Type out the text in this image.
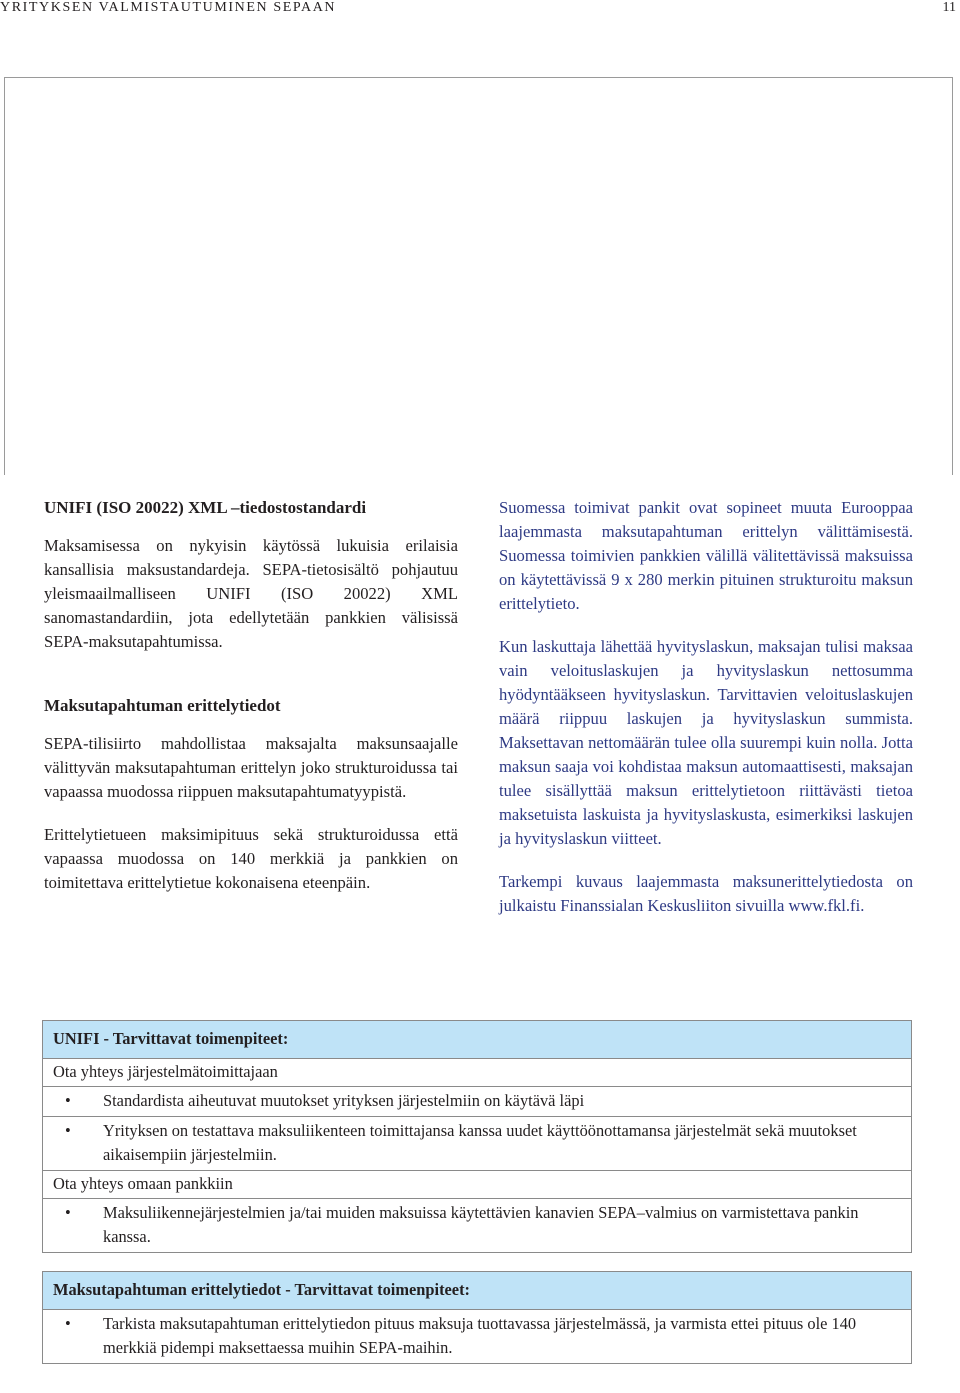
YRITYKSEN VALMISTAUTUMINEN SEPAAN	11
UNIFI (ISO 20022) XML –tiedostostandardi

Maksamisessa on nykyisin käytössä lukuisia erilaisia kansallisia maksustandardeja. SEPA-tietosisältö pohjautuu yleismaailmalliseen UNIFI (ISO 20022) XML sanomastandardiin, jota edellytetään pankkien välisissä SEPA-maksutapahtumissa.

Maksutapahtuman erittelytiedot

SEPA-tilisiirto mahdollistaa maksajalta maksunsaajalle välittyvän maksutapahtuman erittelyn joko strukturoidussa tai vapaassa muodossa riippuen maksutapahtumatyypistä.

Erittelytietueen maksimipituus sekä strukturoidussa että vapaassa muodossa on 140 merkkiä ja pankkien on toimitettava erittelytietue kokonaisena eteenpäin.

Suomessa toimivat pankit ovat sopineet muuta Eurooppaa laajemmasta maksutapahtuman erittelyn välittämisestä. Suomessa toimivien pankkien välillä välitettävissä maksuissa on käytettävissä 9 x 280 merkin pituinen strukturoitu maksun erittelytieto.

Kun laskuttaja lähettää hyvityslaskun, maksajan tulisi maksaa vain veloituslaskujen ja hyvityslaskun nettosumma hyödyntääkseen hyvityslaskun. Tarvittavien veloituslaskujen määrä riippuu laskujen ja hyvityslaskun summista. Maksettavan nettomäärän tulee olla suurempi kuin nolla. Jotta maksun saaja voi kohdistaa maksun automaattisesti, maksajan tulee sisällyttää maksun erittelytietoon riittävästi tietoa maksetuista laskuista ja hyvityslaskusta, esimerkiksi laskujen ja hyvityslaskun viitteet.

Tarkempi kuvaus laajemmasta maksunerittelytiedosta on julkaistu Finanssialan Keskusliiton sivuilla www.fkl.fi.

UNIFI - Tarvittavat toimenpiteet:
Ota yhteys järjestelmätoimittajaan
•	Standardista aiheutuvat muutokset yrityksen järjestelmiin on käytävä läpi
•	Yrityksen on testattava maksuliikenteen toimittajansa kanssa uudet käyttöönottamansa järjestelmät sekä muutokset aikaisempiin järjestelmiin.
Ota yhteys omaan pankkiin
•	Maksuliikennejärjestelmien ja/tai muiden maksuissa käytettävien kanavien SEPA–valmius on varmistettava pankin kanssa.
Maksutapahtuman erittelytiedot - Tarvittavat toimenpiteet:
•	Tarkista maksutapahtuman erittelytiedon pituus maksuja tuottavassa järjestelmässä, ja varmista ettei pituus ole 140 merkkiä pidempi maksettaessa muihin SEPA-maihin.
